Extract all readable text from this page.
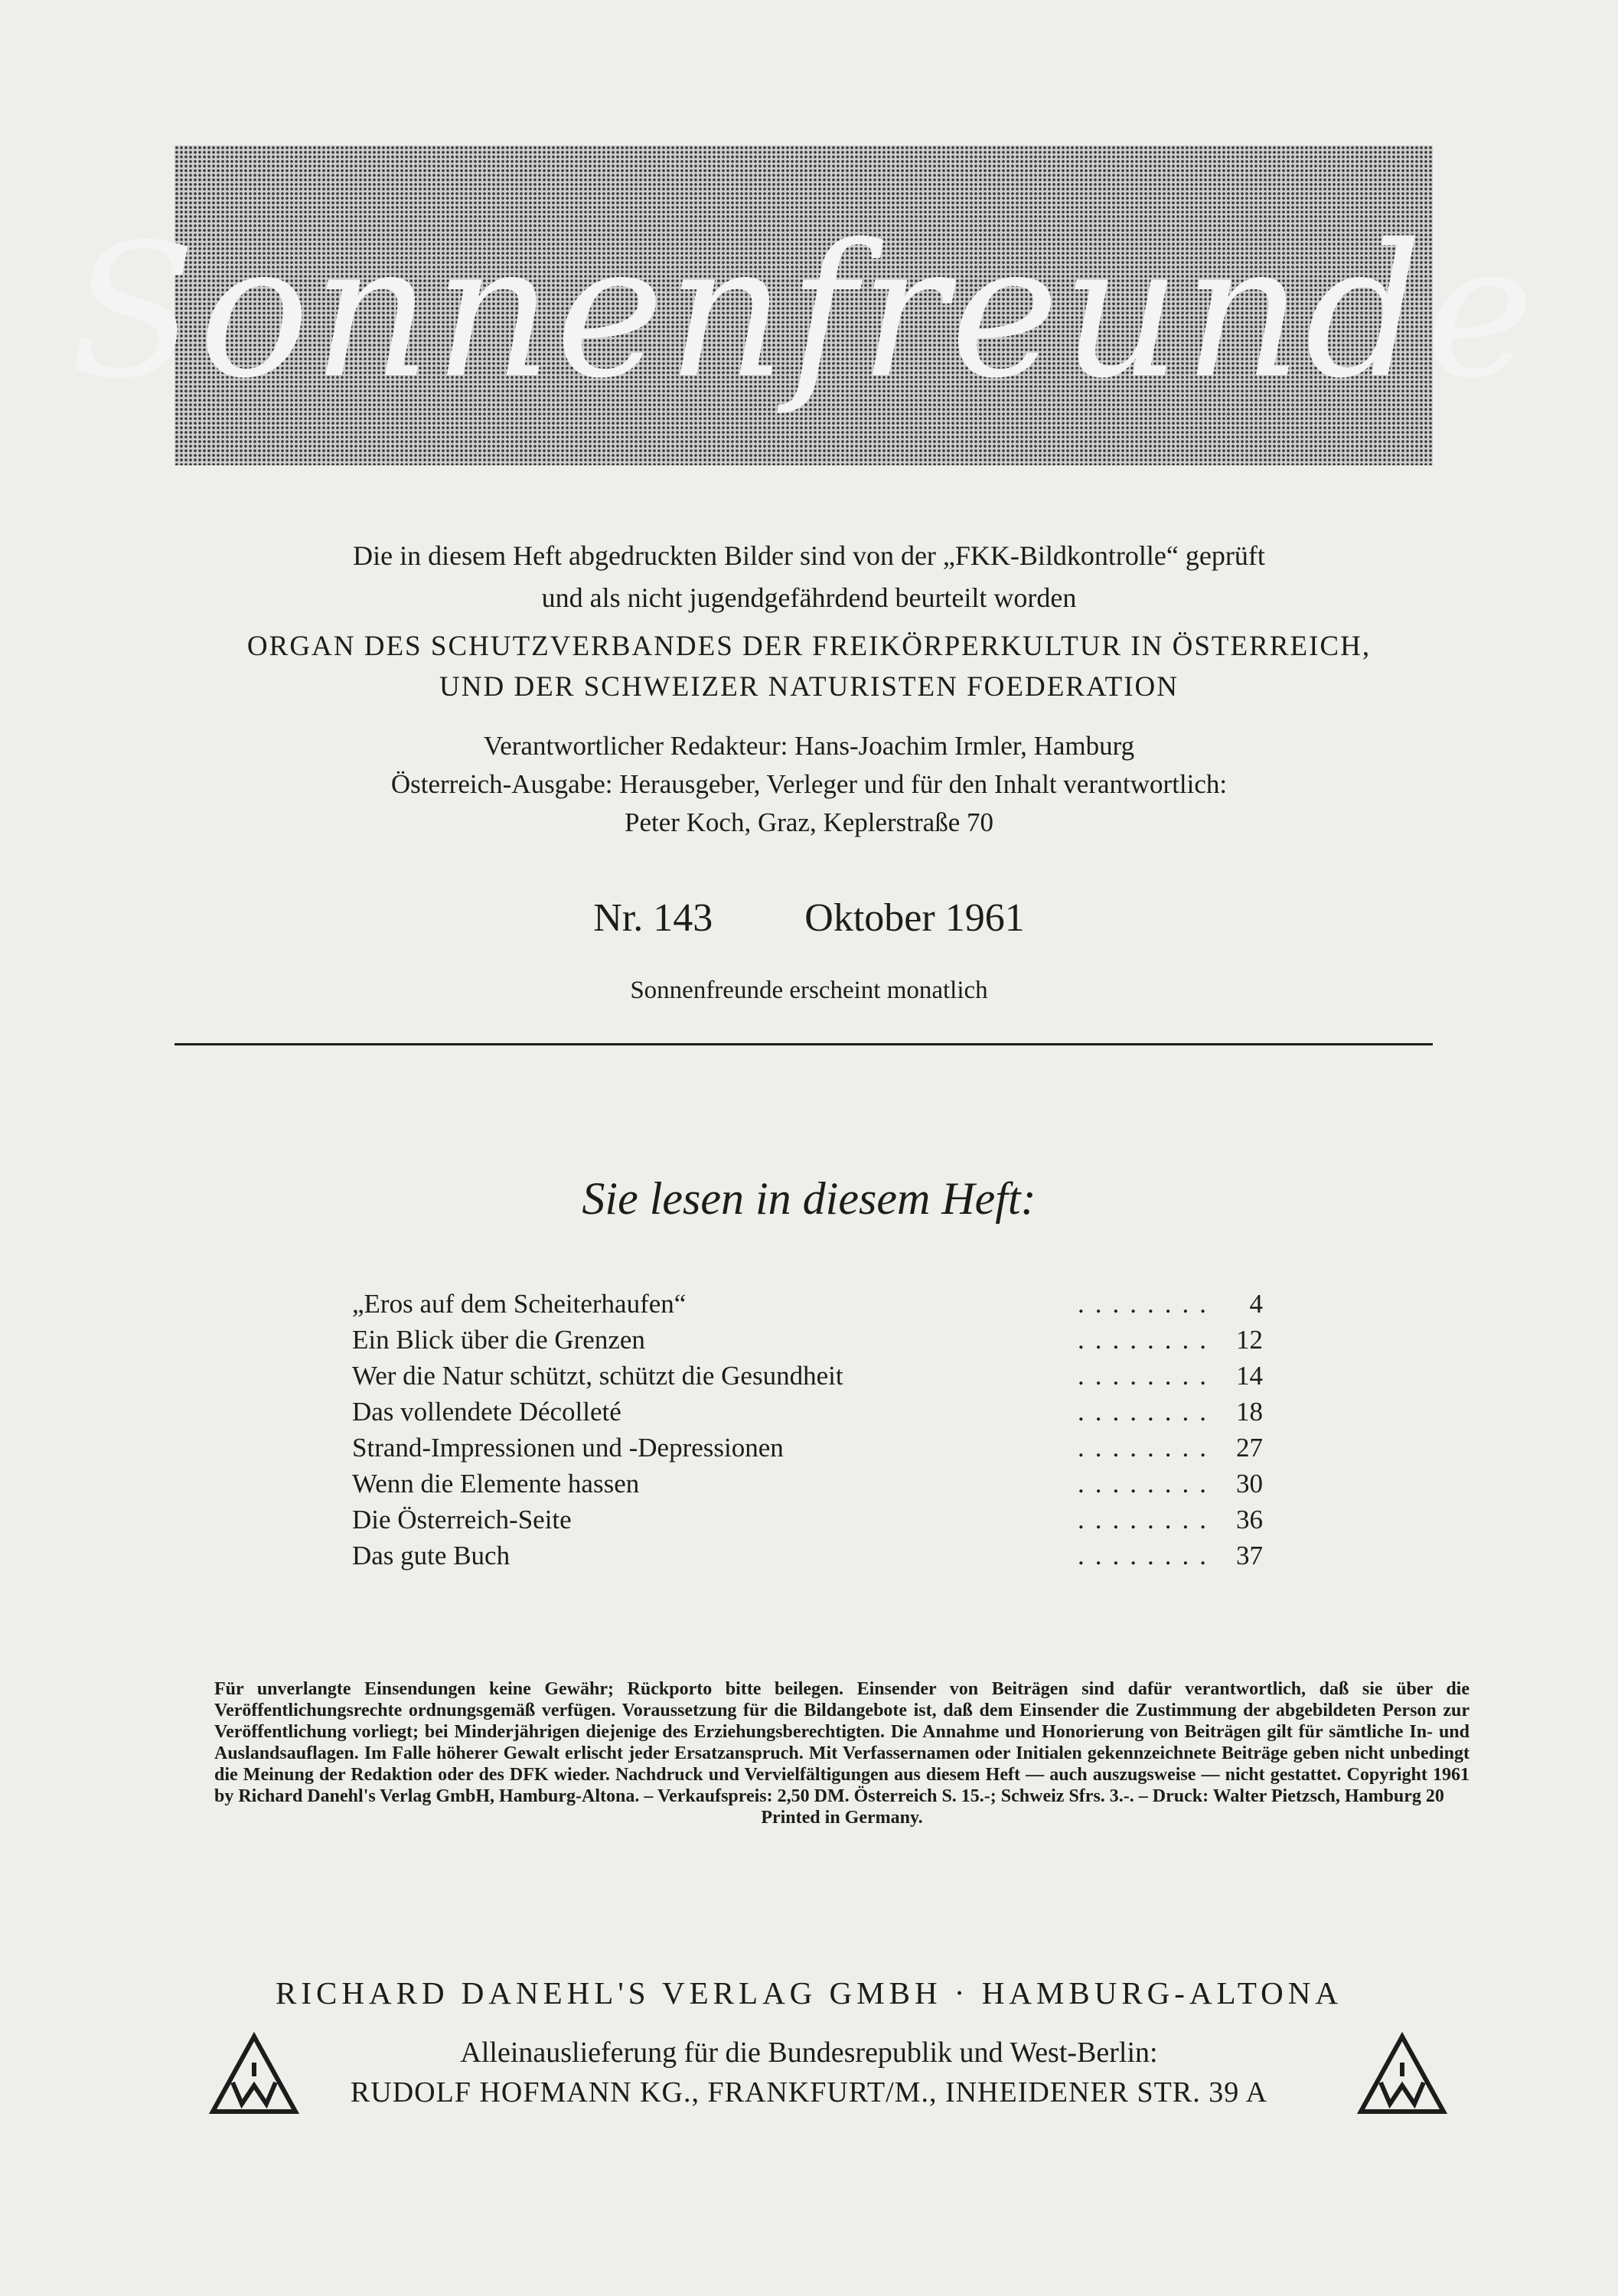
Sonnenfreunde
Die in diesem Heft abgedruckten Bilder sind von der „FKK-Bildkontrolle“ geprüft
und als nicht jugendgefährdend beurteilt worden
ORGAN DES SCHUTZVERBANDES DER FREIKÖRPERKULTUR IN ÖSTERREICH,
UND DER SCHWEIZER NATURISTEN FOEDERATION
Verantwortlicher Redakteur: Hans-Joachim Irmler, Hamburg
Österreich-Ausgabe: Herausgeber, Verleger und für den Inhalt verantwortlich:
Peter Koch, Graz, Keplerstraße 70
Nr. 143 Oktober 1961
Sonnenfreunde erscheint monatlich
Sie lesen in diesem Heft:
„Eros auf dem Scheiterhaufen“	........	4
Ein Blick über die Grenzen	........ 12
Wer die Natur schützt, schützt die Gesundheit	........ 14
Das vollendete Décolleté	........ 18
Strand-Impressionen und -Depressionen	........ 27
Wenn die Elemente hassen	........ 30
Die Österreich-Seite	........ 36
Das gute Buch	........ 37
Für unverlangte Einsendungen keine Gewähr; Rückporto bitte beilegen. Einsender von Beiträgen sind dafür verantwortlich, daß sie über die Veröffentlichungsrechte ordnungsgemäß verfügen. Voraussetzung für die Bildangebote ist, daß dem Einsender die Zustimmung der abgebildeten Person zur Veröffentlichung vorliegt; bei Minderjährigen diejenige des Erziehungsberechtigten. Die Annahme und Honorierung von Beiträgen gilt für sämtliche In- und Auslandsauflagen. Im Falle höherer Gewalt erlischt jeder Ersatzanspruch. Mit Verfassernamen oder Initialen gekennzeichnete Beiträge geben nicht unbedingt die Meinung der Redaktion oder des DFK wieder. Nachdruck und Vervielfältigungen aus diesem Heft — auch auszugsweise — nicht gestattet. Copyright 1961 by Richard Danehl's Verlag GmbH, Hamburg-Altona. – Verkaufspreis: 2,50 DM. Österreich S. 15.-; Schweiz Sfrs. 3.-. – Druck: Walter Pietzsch, Hamburg 20
Printed in Germany.
RICHARD DANEHL'S VERLAG GMBH · HAMBURG-ALTONA
Alleinauslieferung für die Bundesrepublik und West-Berlin:
RUDOLF HOFMANN KG., FRANKFURT/M., INHEIDENER STR. 39 A
